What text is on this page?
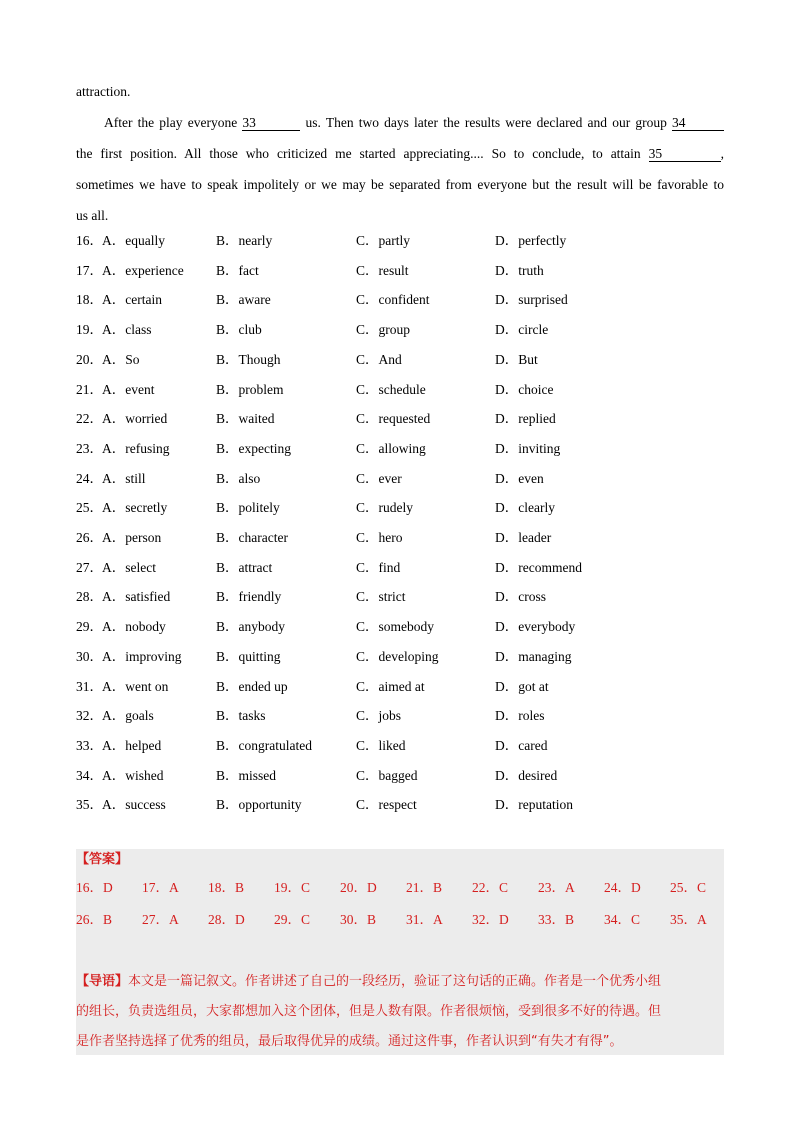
attraction.
After the play everyone 33	us. Then two days later the results were declared and our group 34
the first position. All those who criticized me started appreciating.... So to conclude, to attain 35	,
sometimes we have to speak impolitely or we may be separated from everyone but the result will be favorable to
us all.
16． A．equally	B．nearly	C．partly	D．perfectly
17． A．experience B．fact	C．result	D．truth
18． A．certain	B．aware	C．confident	D．surprised
19． A．class	B．club	C．group	D．circle
20． A．So	B．Though	C．And	D．But
21． A．event	B．problem	C．schedule	D．choice
22． A．worried	B．waited	C．requested	D．replied
23． A．refusing	B．expecting	C．allowing	D．inviting
24． A．still	B．also	C．ever	D．even
25． A．secretly	B．politely	C．rudely	D．clearly
26． A．person	B．character	C．hero	D．leader
27． A．select	B．attract	C．find	D．recommend
28． A．satisfied	B．friendly	C．strict	D．cross
29． A．nobody	B．anybody	C．somebody	D．everybody
30． A．improving	B．quitting	C．developing	D．managing
31． A．went on	B．ended up	C．aimed at	D．got at
32． A．goals	B．tasks	C．jobs	D．roles
33． A．helped	B．congratulated	C．liked	D．cared
34． A．wished	B．missed	C．bagged	D．desired
35． A．success	B．opportunity	C．respect	D．reputation
【答案】
16．D 17．A 18．B 19．C 20．D 21．B 22．C 23．A 24．D 25．C
26．B 27．A 28．D 29．C 30．B 31．A 32．D 33．B 34．C 35．A
【导语】本文是一篇记叙文。作者讲述了自己的一段经历，验证了这句话的正确。作者是一个优秀小组
的组长，负责选组员，大家都想加入这个团体，但是人数有限。作者很烦恼，受到很多不好的待遇。但
是作者坚持选择了优秀的组员，最后取得优异的成绩。通过这件事，作者认识到“有失才有得”。
